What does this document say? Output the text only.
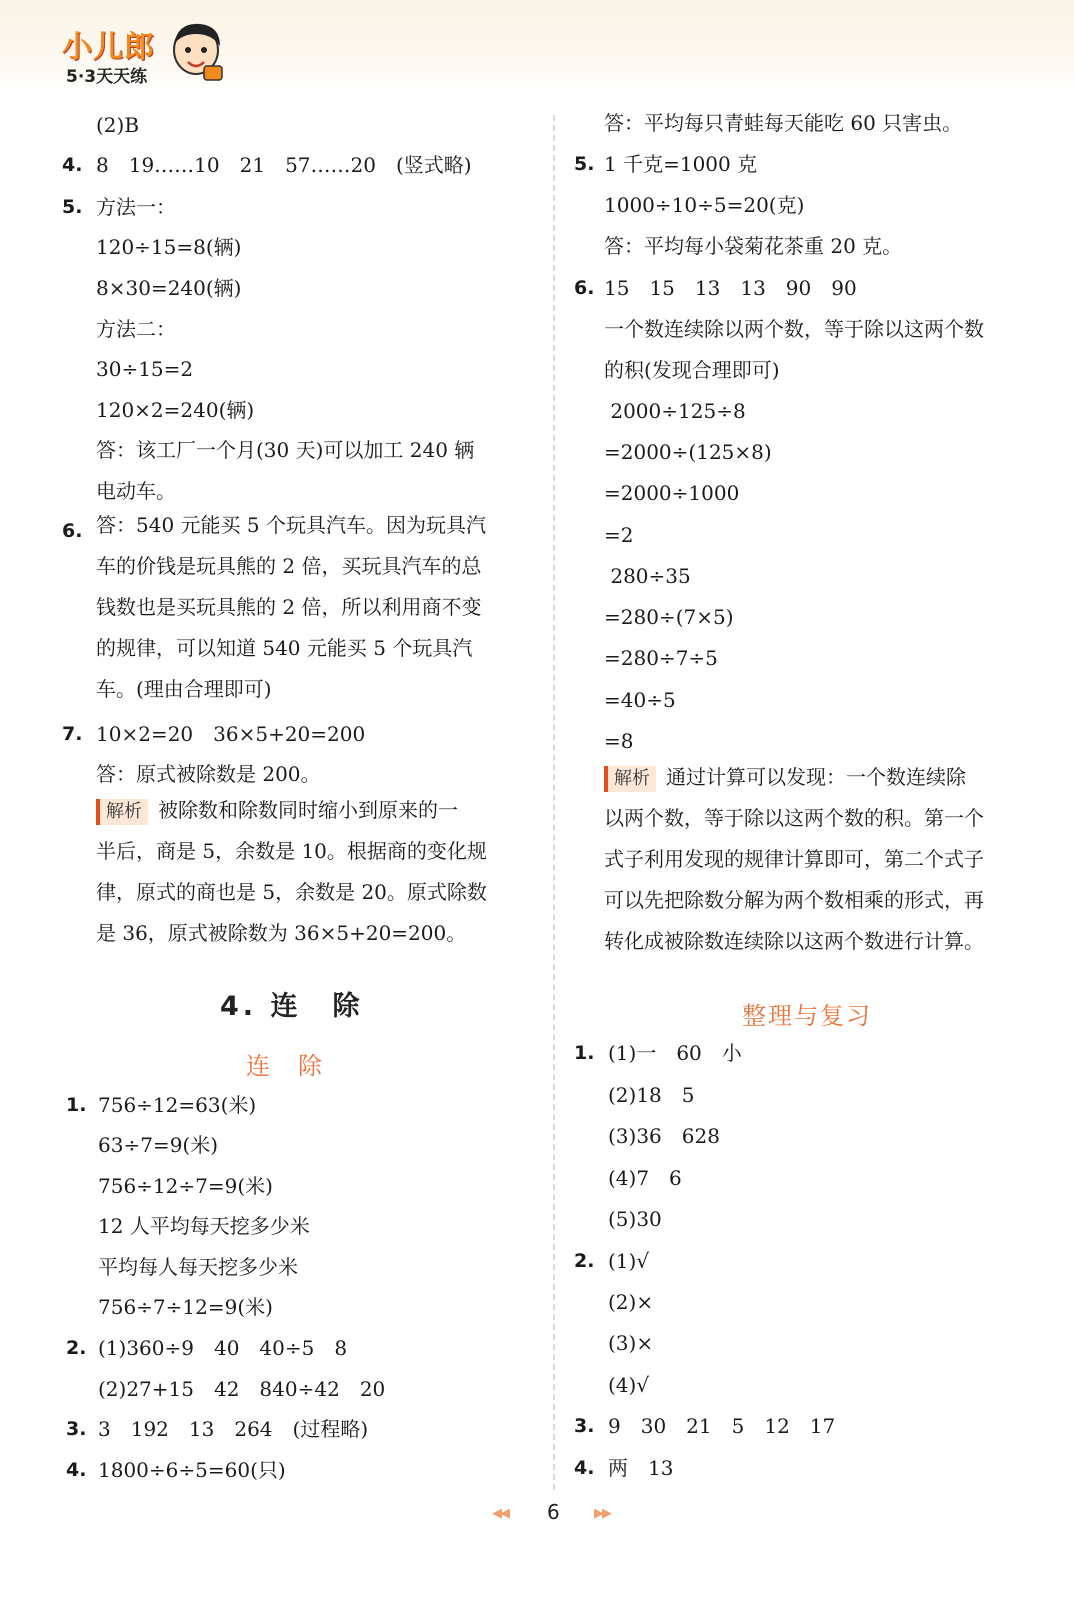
小儿郎
5·3天天练
(2)B
4. 8　19……10　21　57……20　(竖式略)
5. 方法一：
120÷15=8(辆)
8×30=240(辆)
方法二：
30÷15=2
120×2=240(辆)
答：该工厂一个月(30 天)可以加工 240 辆
电动车。
6. 答：540 元能买 5 个玩具汽车。因为玩具汽
车的价钱是玩具熊的 2 倍，买玩具汽车的总
钱数也是买玩具熊的 2 倍，所以利用商不变
的规律，可以知道 540 元能买 5 个玩具汽
车。(理由合理即可)
7. 10×2=20　36×5+20=200
答：原式被除数是 200。
解析 被除数和除数同时缩小到原来的一
半后，商是 5，余数是 10。根据商的变化规
律，原式的商也是 5，余数是 20。原式除数
是 36，原式被除数为 36×5+20=200。
4. 连　除
连　除
1. 756÷12=63(米)
63÷7=9(米)
756÷12÷7=9(米)
12 人平均每天挖多少米
平均每人每天挖多少米
756÷7÷12=9(米)
2. (1)360÷9　40　40÷5　8
(2)27+15　42　840÷42　20
3. 3　192　13　264　(过程略)
4. 1800÷6÷5=60(只)
答：平均每只青蛙每天能吃 60 只害虫。
5. 1 千克=1000 克
1000÷10÷5=20(克)
答：平均每小袋菊花茶重 20 克。
6. 15　15　13　13　90　90
一个数连续除以两个数，等于除以这两个数
的积(发现合理即可)
2000÷125÷8
=2000÷(125×8)
=2000÷1000
=2
280÷35
=280÷(7×5)
=280÷7÷5
=40÷5
=8
解析 通过计算可以发现：一个数连续除
以两个数，等于除以这两个数的积。第一个
式子利用发现的规律计算即可，第二个式子
可以先把除数分解为两个数相乘的形式，再
转化成被除数连续除以这两个数进行计算。
整理与复习
1. (1)一　60　小
(2)18　5
(3)36　628
(4)7　6
(5)30
2. (1)√
(2)×
(3)×
(4)√
3. 9　30　21　5　12　17
4. 两　13
◀◀ 6	▶▶
